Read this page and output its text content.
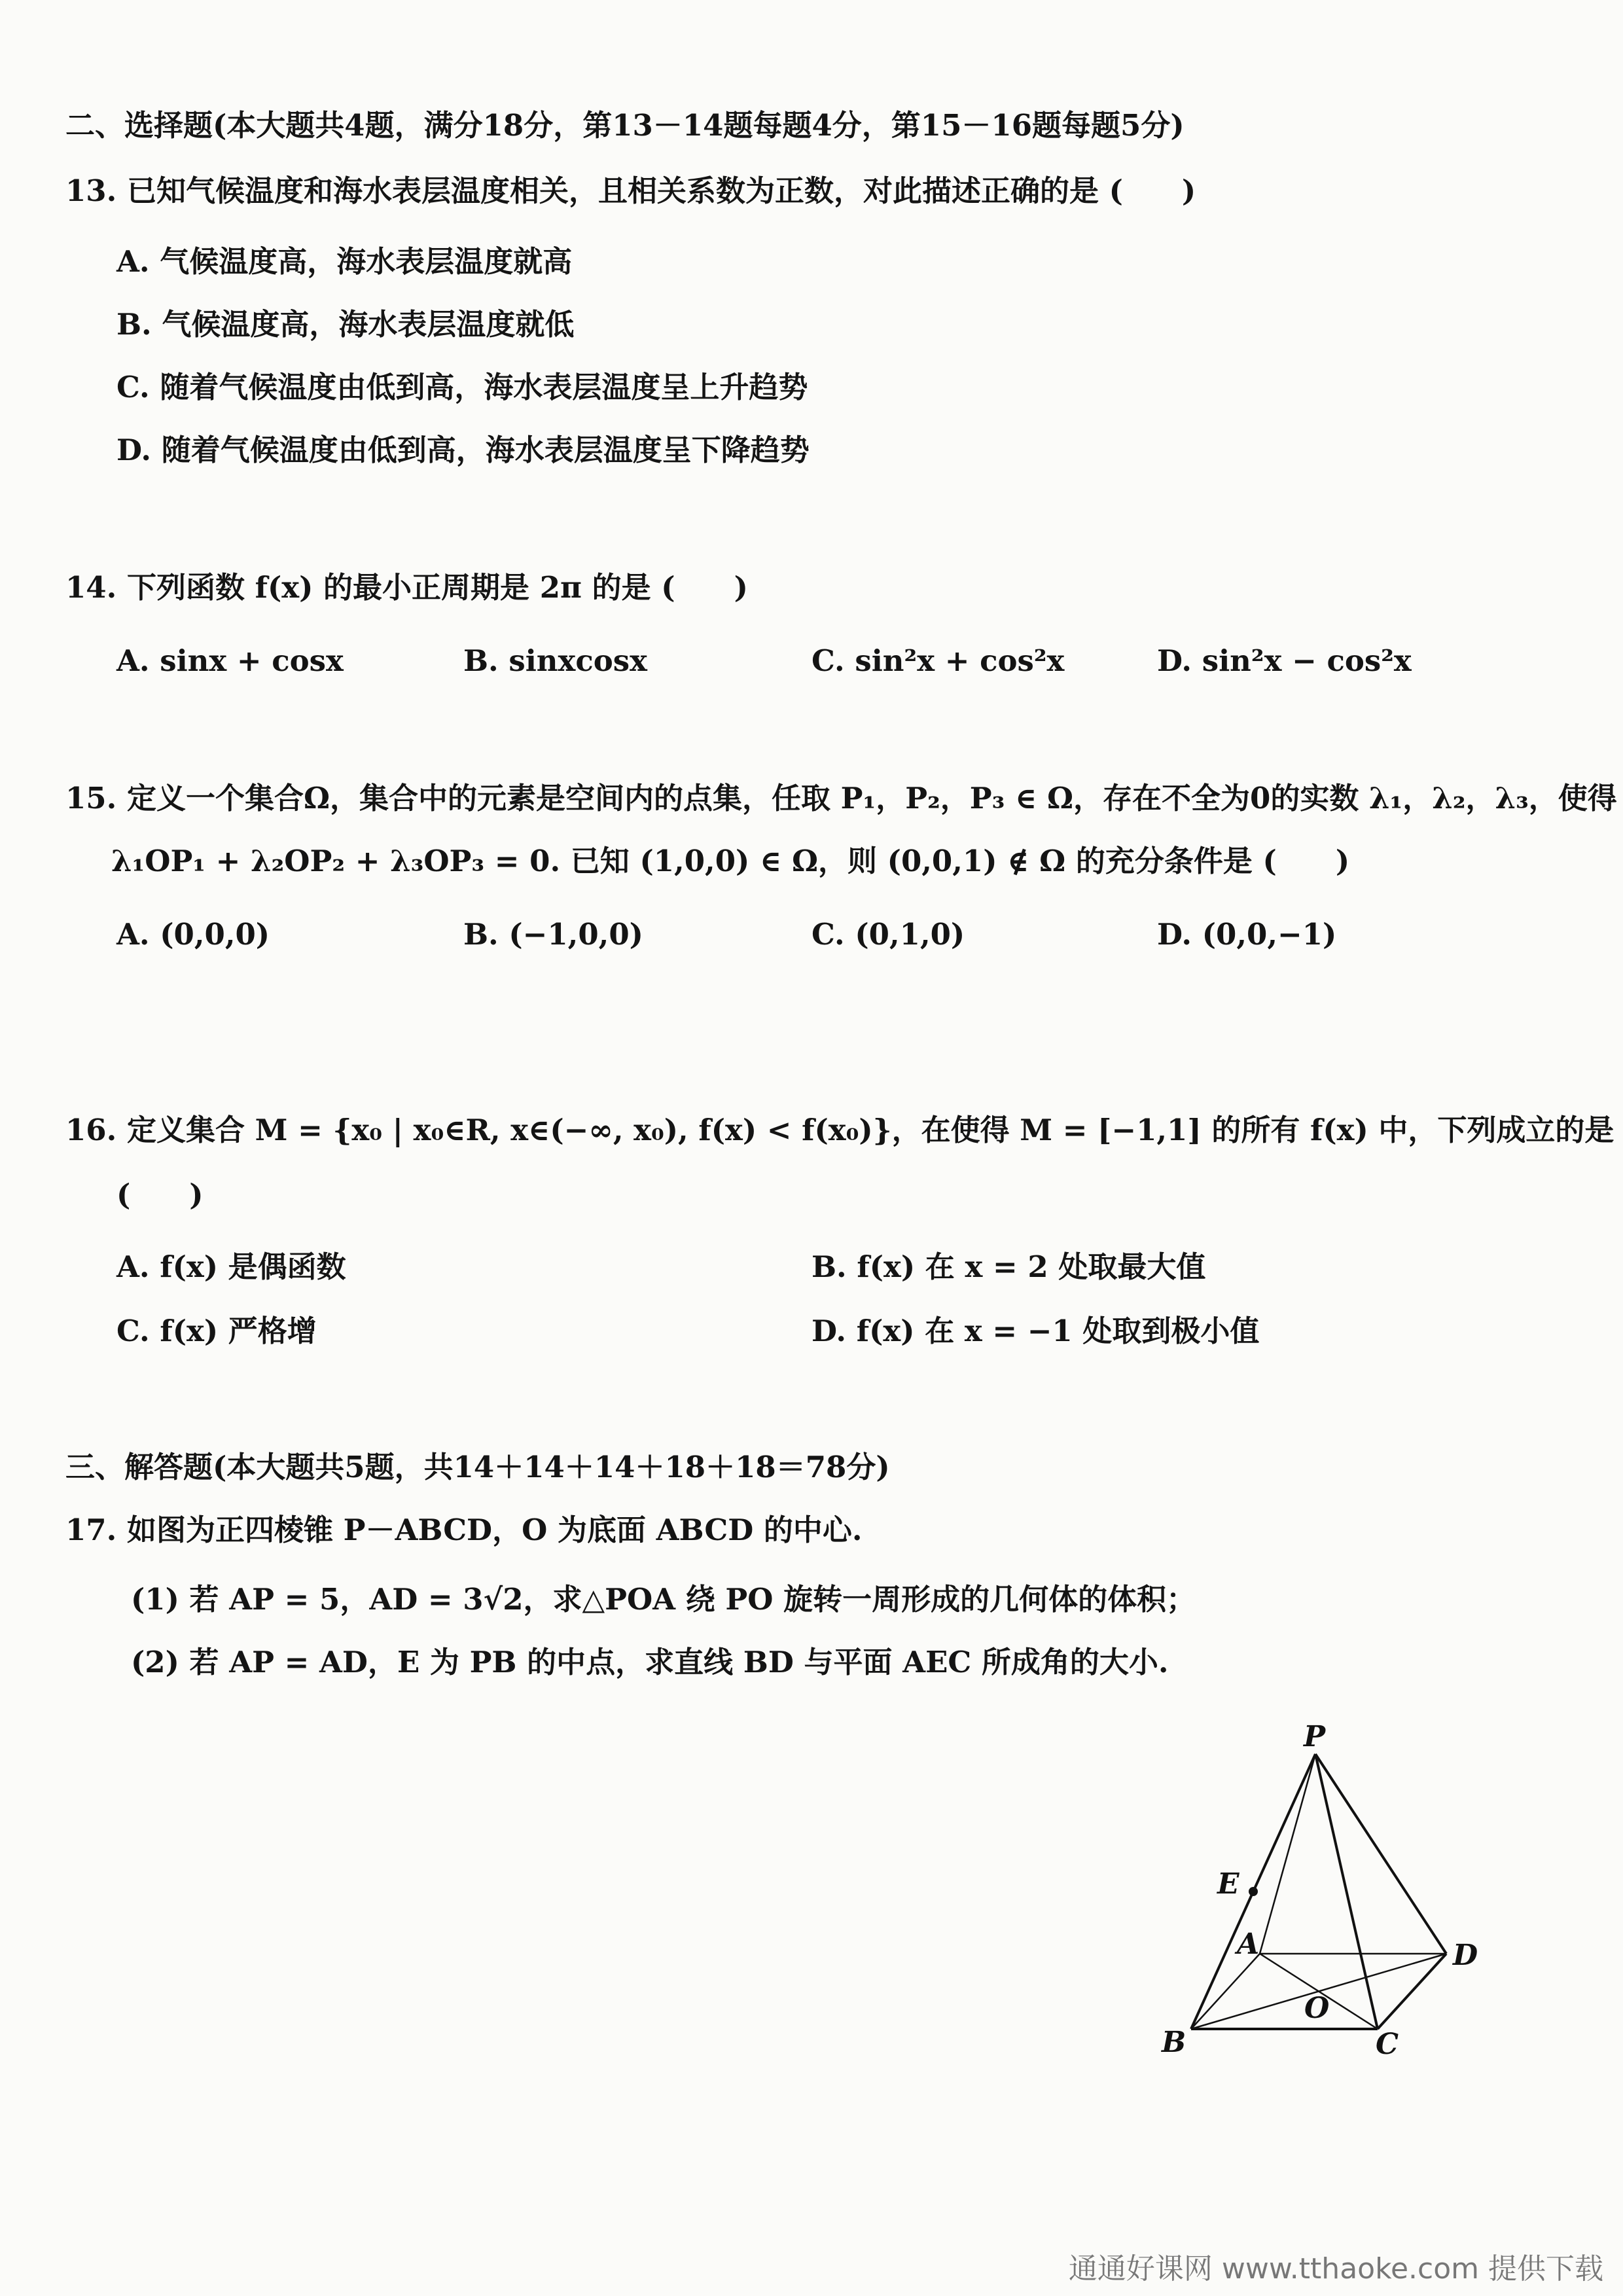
二、选择题(本大题共4题，满分18分，第13－14题每题4分，第15－16题每题5分)
13. 已知气候温度和海水表层温度相关，且相关系数为正数，对此描述正确的是 (　　)
A. 气候温度高，海水表层温度就高
B. 气候温度高，海水表层温度就低
C. 随着气候温度由低到高，海水表层温度呈上升趋势
D. 随着气候温度由低到高，海水表层温度呈下降趋势
14. 下列函数 f(x) 的最小正周期是 2π 的是 (　　)
A. sinx + cosx	B. sinxcosx	C. sin²x + cos²x	D. sin²x − cos²x
15. 定义一个集合Ω，集合中的元素是空间内的点集，任取 P₁，P₂，P₃ ∈ Ω，存在不全为0的实数 λ₁，λ₂，λ₃，使得
λ₁OP₁ + λ₂OP₂ + λ₃OP₃ = 0. 已知 (1,0,0) ∈ Ω，则 (0,0,1) ∉ Ω 的充分条件是 (　　)
A. (0,0,0)	B. (−1,0,0)	C. (0,1,0)	D. (0,0,−1)
16. 定义集合 M = {x₀ | x₀∈R, x∈(−∞, x₀), f(x) < f(x₀)}，在使得 M = [−1,1] 的所有 f(x) 中，下列成立的是
(　　)
A. f(x) 是偶函数	B. f(x) 在 x = 2 处取最大值
C. f(x) 严格增	D. f(x) 在 x = −1 处取到极小值
三、解答题(本大题共5题，共14＋14＋14＋18＋18＝78分)
17. 如图为正四棱锥 P－ABCD，O 为底面 ABCD 的中心.
(1) 若 AP = 5，AD = 3√2，求△POA 绕 PO 旋转一周形成的几何体的体积；
(2) 若 AP = AD，E 为 PB 的中点，求直线 BD 与平面 AEC 所成角的大小.
P
E
A	D
B
O
C
通通好课网 www.tthaoke.com 提供下载
